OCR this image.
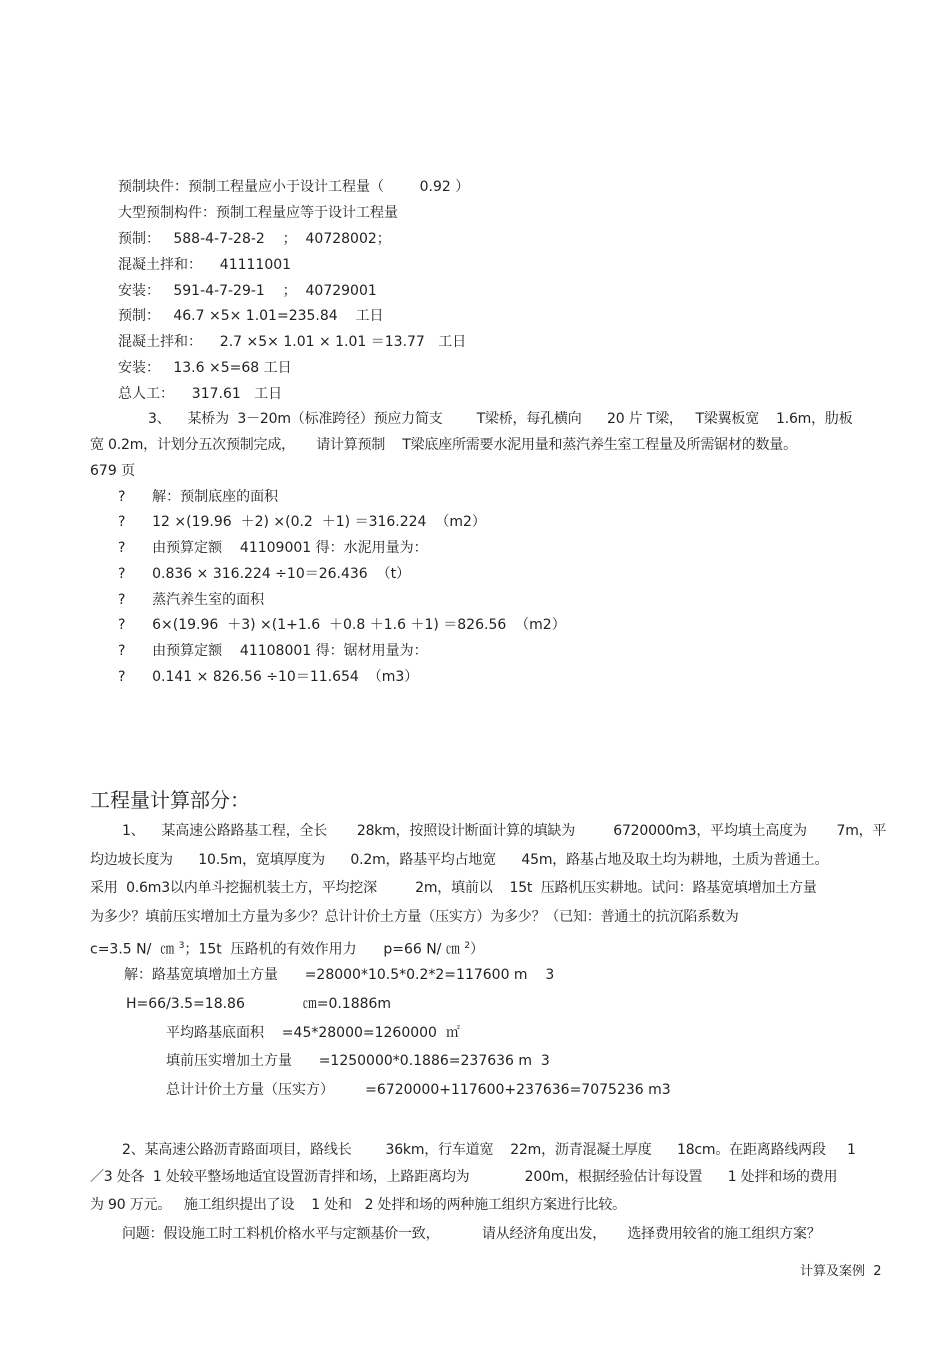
预制块件：预制工程量应小于设计工程量（        0.92 ）
大型预制构件：预制工程量应等于设计工程量
预制：   588-4-7-28-2    ；  40728002；
混凝土拌和：    41111001
安装：   591-4-7-29-1    ；  40729001
预制：   46.7 ×5× 1.01=235.84    工日
混凝土拌和：    2.7 ×5× 1.01 × 1.01 ＝13.77   工日
安装：   13.6 ×5=68 工日
总人工：    317.61   工日
3、    某桥为  3－20m（标准跨径）预应力简支        T梁桥，每孔横向      20 片 T梁，   T梁翼板宽    1.6m，肋板
宽 0.2m，计划分五次预制完成，     请计算预制    T梁底座所需要水泥用量和蒸汽养生室工程量及所需锯材的数量。
679 页
?      解：预制底座的面积
?      12 ×(19.96  ＋2) ×(0.2  ＋1) ＝316.224  （m2）
?      由预算定额    41109001 得：水泥用量为：
?      0.836 × 316.224 ÷10＝26.436  （t）
?      蒸汽养生室的面积
?      6×(19.96  ＋3) ×(1+1.6  ＋0.8 ＋1.6 ＋1) ＝826.56  （m2）
?      由预算定额    41108001 得：锯材用量为：
?      0.141 × 826.56 ÷10＝11.654  （m3）
工程量计算部分：
1、    某高速公路路基工程，全长       28km，按照设计断面计算的填缺为         6720000m3，平均填土高度为       7m，平
均边坡长度为      10.5m，宽填厚度为      0.2m，路基平均占地宽      45m，路基占地及取土均为耕地，土质为普通土。
采用  0.6m3以内单斗挖掘机装土方，平均挖深         2m，填前以    15t  压路机压实耕地。试问：路基宽填增加土方量
为多少？填前压实增加土方量为多少？总计计价土方量（压实方）为多少？（已知：普通土的抗沉陷系数为
c=3.5 N/  ㎝ $^3$；15t  压路机的有效作用力      p=66 N/ ㎝ $^2$）
解：路基宽填增加土方量      =28000*10.5*0.2*2=117600 m    3
H=66/3.5=18.86             ㎝=0.1886m
平均路基底面积    =45*28000=1260000  ㎡
填前压实增加土方量      =1250000*0.1886=237636 m  3
总计计价土方量（压实方）       =6720000+117600+237636=7075236 m3
2、某高速公路沥青路面项目，路线长        36km，行车道宽    22m，沥青混凝土厚度      18cm。在距离路线两段     1
／3 处各  1 处较平整场地适宜设置沥青拌和场，上路距离均为             200m，根据经验估计每设置      1 处拌和场的费用
为 90 万元。   施工组织提出了设    1 处和   2 处拌和场的两种施工组织方案进行比较。
问题：假设施工时工料机价格水平与定额基价一致，          请从经济角度出发，     选择费用较省的施工组织方案？
计算及案例  2
